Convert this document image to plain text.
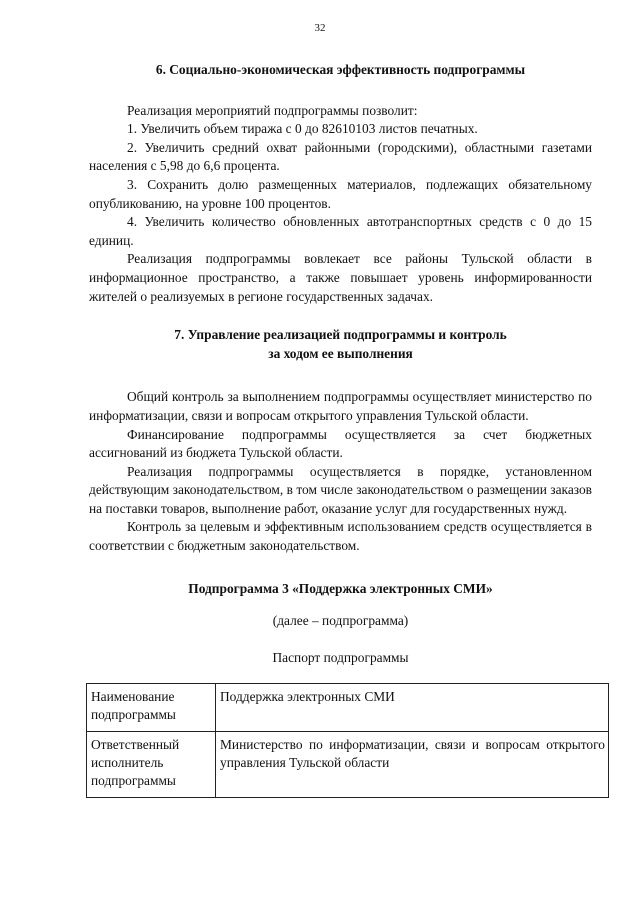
32

6. Социально-экономическая эффективность подпрограммы

Реализация мероприятий подпрограммы позволит:

1. Увеличить объем тиража с 0 до 82610103 листов печатных.

2. Увеличить средний охват районными (городскими), областными газетами населения с 5,98 до 6,6 процента.

3. Сохранить долю размещенных материалов, подлежащих обязательному опубликованию, на уровне 100 процентов.

4. Увеличить количество обновленных автотранспортных средств с 0 до 15 единиц.

Реализация подпрограммы вовлекает все районы Тульской области в информационное пространство, а также повышает уровень информированности жителей о реализуемых в регионе государственных задачах.

7. Управление реализацией подпрограммы и контроль
за ходом ее выполнения

Общий контроль за выполнением подпрограммы осуществляет министерство по информатизации, связи и вопросам открытого управления Тульской области.

Финансирование подпрограммы осуществляется за счет бюджетных ассигнований из бюджета Тульской области.

Реализация подпрограммы осуществляется в порядке, установленном действующим законодательством, в том числе законодательством о размещении заказов на поставки товаров, выполнение работ, оказание услуг для государственных нужд.

Контроль за целевым и эффективным использованием средств осуществляется в соответствии с бюджетным законодательством.

Подпрограмма 3 «Поддержка электронных СМИ»

(далее – подпрограмма)

Паспорт подпрограммы

Наименование подпрограммы	Поддержка электронных СМИ
Ответственный исполнитель подпрограммы	Министерство по информатизации, связи и вопросам открытого управления Тульской области
